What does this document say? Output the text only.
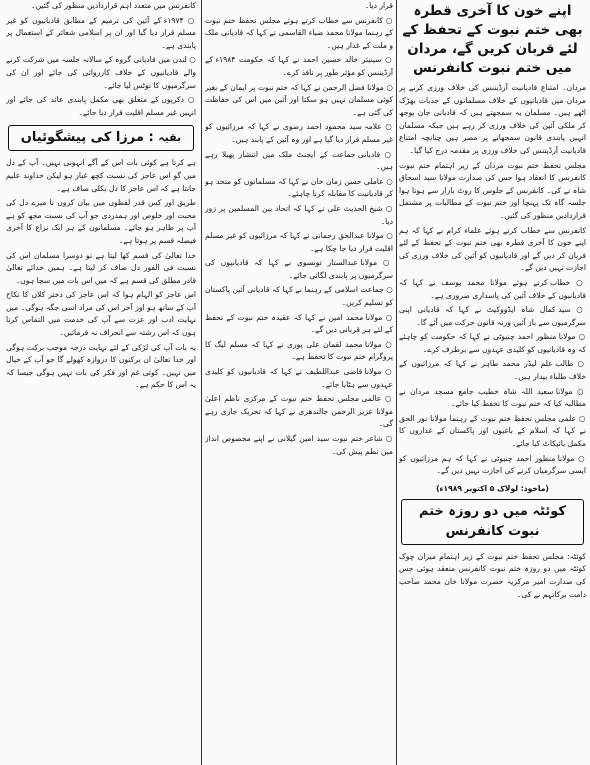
اپنے خون کا آخری قطرہ بھی ختم نبوت کے تحفظ کے لئے قربان کریں گے، مردان میں ختم نبوت کانفرنس

مردان۔ امتناع قادیانیت آرڈیننس کی خلاف ورزی کرنے پر مردان میں قادیانیوں کے خلاف مسلمانوں کے جذبات بھڑک اٹھے ہیں۔ مسلمان یہ سمجھتے ہیں کہ قادیانی جان بوجھ کر ملکی آئین کی خلاف ورزی کر رہے ہیں جبکہ مسلمان انہیں پابندی قانون سمجھانے پر مصر ہیں چنانچہ امتناع قادیانیت آرڈیننس کی خلاف ورزی پر مقدمہ درج کیا گیا۔

مجلس تحفظ ختم نبوت مردان کے زیر اہتمام ختم نبوت کانفرنس کا انعقاد ہوا جس کی صدارت مولانا سید اسحاق شاہ نے کی۔ کانفرنس کے جلوس کا روٹ بازار سے ہوتا ہوا جلسہ گاہ تک پہنچا اور ختم نبوت کے مطالبات پر مشتمل قراردادیں منظور کی گئیں۔

کانفرنس سے خطاب کرتے ہوئے علماء کرام نے کہا کہ ہم اپنے خون کا آخری قطرہ بھی ختم نبوت کے تحفظ کے لئے قربان کر دیں گے اور قادیانیوں کو آئین کی خلاف ورزی کی اجازت نہیں دیں گے۔

○ خطاب کرتے ہوئے مولانا محمد یوسف نے کہا کہ قادیانیوں کے خلاف آئین کی پاسداری ضروری ہے۔
○ سید کمال شاہ ایڈووکیٹ نے کہا کہ قادیانی اپنی سرگرمیوں سے باز آئیں ورنہ قانون حرکت میں آئے گا۔
○ مولانا منظور احمد چنیوٹی نے کہا کہ حکومت کو چاہئے کہ وہ قادیانیوں کو کلیدی عہدوں سے برطرف کرے۔
○ طالب علم لیڈر محمد طاہر نے کہا کہ مرزائیوں کے خلاف طلباء بیدار ہیں۔
○ مولانا سعید اللہ شاہ خطیب جامع مسجد مردان نے مطالبہ کیا کہ ختم نبوت کا تحفظ کیا جائے۔
○ علمی مجلس تحفظ ختم نبوت کے رہنما مولانا نور الحق نے کہا کہ اسلام کے باغیوں اور پاکستان کے غداروں کا مکمل بائیکاٹ کیا جائے۔
○ مولانا منظور احمد چنیوٹی نے کہا کہ ہم مرزائیوں کو ایسی سرگرمیاں کرنے کی اجازت نہیں دیں گے۔
(ماخوذ: لولاک ۵ اکتوبر ۱۹۸۹ء)
کوئٹہ میں دو روزہ ختم نبوت کانفرنس

کوئٹہ: مجلس تحفظ ختم نبوت کے زیر اہتمام میزان چوک کوئٹہ میں دو روزہ ختم نبوت کانفرنس منعقد ہوئی جس کی صدارت امیر مرکزیہ حضرت مولانا خان محمد صاحب دامت برکاتہم نے کی۔

قرار دیا۔

○ کانفرنس سے خطاب کرتے ہوئے مجلس تحفظ ختم نبوت کے رہنما مولانا محمد ضیاء القاسمی نے کہا کہ قادیانی ملک و ملت کے غدار ہیں۔
○ سینیئر خالد حسین احمد نے کہا کہ حکومت ۱۹۸۴ء کے آرڈیننس کو مؤثر طور پر نافذ کرے۔
○ مولانا فضل الرحمن نے کہا کہ ختم نبوت پر ایمان کے بغیر کوئی مسلمان نہیں ہو سکتا اور آئین میں اس کی حفاظت کی گئی ہے۔
○ علامہ سید محمود احمد رضوی نے کہا کہ مرزائیوں کو غیر مسلم قرار دیا گیا ہے اور وہ آئین کے پابند ہیں۔
○ قادیانی جماعت کے ایجنٹ ملک میں انتشار پھیلا رہے ہیں۔
○ عاملی حسن زمان خان نے کہا کہ مسلمانوں کو متحد ہو کر قادیانیت کا مقابلہ کرنا چاہئے۔
○ شیخ الحدیث علی نے کہا کہ اتحاد بین المسلمین پر زور دیا۔
○ مولانا عبدالحق رحمانی نے کہا کہ مرزائیوں کو غیر مسلم اقلیت قرار دیا جا چکا ہے۔
○ مولانا عبدالستار تونسوی نے کہا کہ قادیانیوں کی سرگرمیوں پر پابندی لگائی جائے۔
○ جماعت اسلامی کے رہنما نے کہا کہ قادیانی آئین پاکستان کو تسلیم کریں۔
○ مولانا محمد امین نے کہا کہ عقیدہ ختم نبوت کے تحفظ کے لئے ہر قربانی دیں گے۔
○ مولانا محمد لقمان علی پوری نے کہا کہ مسلم لیگ کا پروگرام ختم نبوت کا تحفظ ہے۔
○ مولانا قاضی عبداللطیف نے کہا کہ قادیانیوں کو کلیدی عہدوں سے ہٹایا جائے۔
○ عالمی مجلس تحفظ ختم نبوت کے مرکزی ناظم اعلیٰ مولانا عزیز الرحمن جالندھری نے کہا کہ تحریک جاری رہے گی۔
○ شاعر ختم نبوت سید امین گیلانی نے اپنے مخصوص انداز میں نظم پیش کی۔

کانفرنس میں متعدد اہم قراردادیں منظور کی گئیں۔

○ ۱۹۷۴ء کے آئین کی ترمیم کے مطابق قادیانیوں کو غیر مسلم قرار دیا گیا اور ان پر اسلامی شعائر کے استعمال پر پابندی ہے۔
○ لندن میں قادیانی گروہ کے سالانہ جلسہ میں شرکت کرنے والے قادیانیوں کے خلاف کارروائی کی جائے اور ان کی سرگرمیوں کا نوٹس لیا جائے۔
○ ذکریوں کے متعلق بھی مکمل پابندی عائد کی جائے اور انہیں غیر مسلم اقلیت قرار دیا جائے۔
بقیہ : مرزا کی پیشگوئیاں

ہے کرتا ہے کوئی بات اس کے آگے انہونی نہیں۔ آپ کے دل میں گو اس عاجز کی نسبت کچھ غبار ہو لیکن خداوند علیم جانتا ہے کہ اس عاجز کا دل بکلی صاف ہے۔

طریق اور کس قدر لفظوں میں بیان کروں تا میرے دل کی محبت اور خلوص اور ہمدردی جو آپ کی نسبت مجھ کو ہے آپ پر ظاہر ہو جائے۔ مسلمانوں کے ہر ایک نزاع کا آخری فیصلہ قسم پر ہوتا ہے۔

خدا تعالیٰ کی قسم کھا لیتا ہے تو دوسرا مسلمان اس کی نسبت فی الفور دل صاف کر لیتا ہے۔ ہمیں خدائے تعالیٰ قادر مطلق کی قسم ہے کہ میں اس بات میں سچا ہوں۔

اس عاجز کو الہام ہوا کہ اس عاجز کی دختر کلاں کا نکاح آپ کے ساتھ ہو اور آخر اس کی مراد اسی جگہ ہوگی۔ میں نہایت ادب اور عزت سے آپ کی خدمت میں التماس کرتا ہوں کہ اس رشتہ سے انحراف نہ فرمائیں۔

یہ بات آپ کی لڑکی کے لئے نہایت درجہ موجب برکت ہوگی اور خدا تعالیٰ ان برکتوں کا دروازہ کھولے گا جو آپ کے خیال میں نہیں۔ کوئی غم اور فکر کی بات نہیں ہوگی جیسا کہ یہ اس کا حکم ہے۔
